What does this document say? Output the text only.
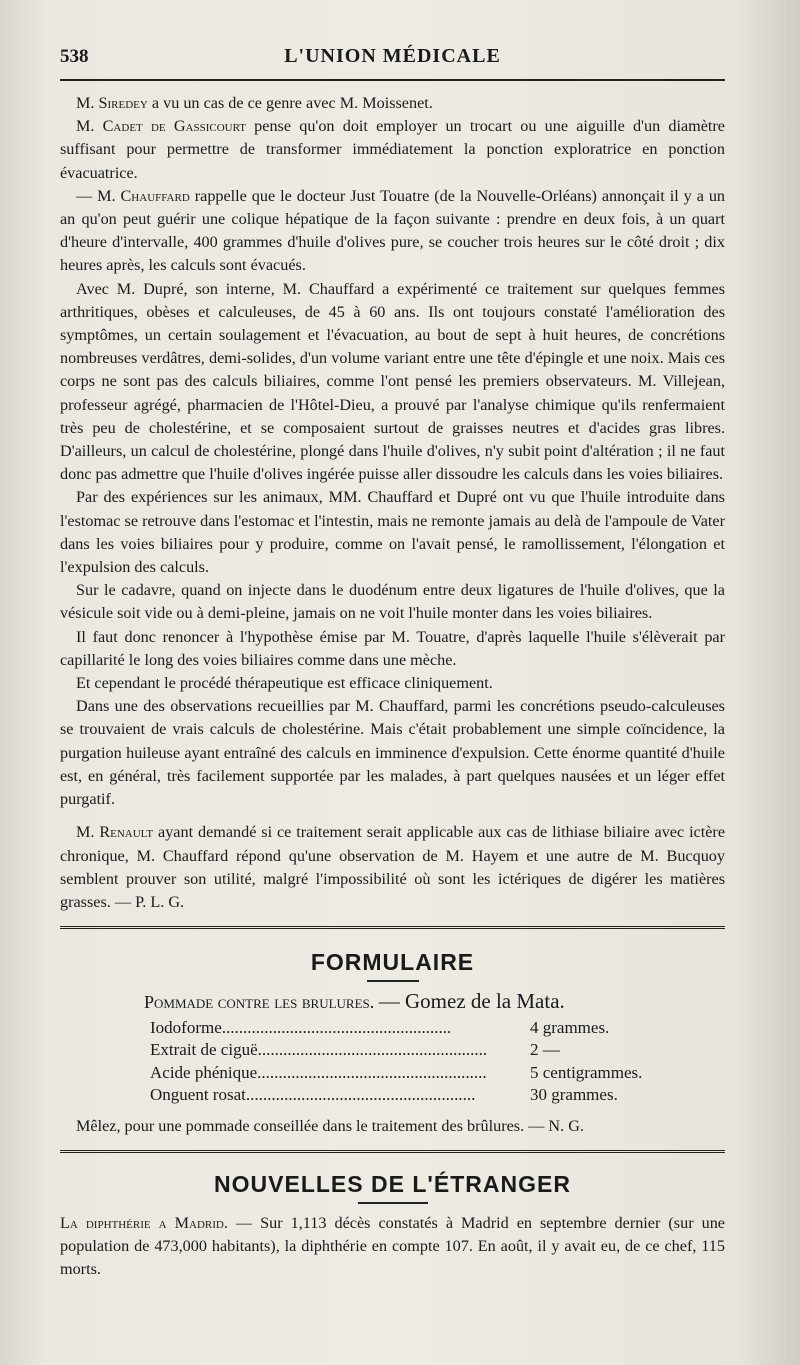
538	L'UNION MÉDICALE

M. Siredey a vu un cas de ce genre avec M. Moissenet.

M. Cadet de Gassicourt pense qu'on doit employer un trocart ou une aiguille d'un diamètre suffisant pour permettre de transformer immédiatement la ponction exploratrice en ponction évacuatrice.

— M. Chauffard rappelle que le docteur Just Touatre (de la Nouvelle-Orléans) annonçait il y a un an qu'on peut guérir une colique hépatique de la façon suivante : prendre en deux fois, à un quart d'heure d'intervalle, 400 grammes d'huile d'olives pure, se coucher trois heures sur le côté droit ; dix heures après, les calculs sont évacués.

Avec M. Dupré, son interne, M. Chauffard a expérimenté ce traitement sur quelques femmes arthritiques, obèses et calculeuses, de 45 à 60 ans. Ils ont toujours constaté l'amélioration des symptômes, un certain soulagement et l'évacuation, au bout de sept à huit heures, de concrétions nombreuses verdâtres, demi-solides, d'un volume variant entre une tête d'épingle et une noix. Mais ces corps ne sont pas des calculs biliaires, comme l'ont pensé les premiers observateurs. M. Villejean, professeur agrégé, pharmacien de l'Hôtel-Dieu, a prouvé par l'analyse chimique qu'ils renfermaient très peu de cholestérine, et se composaient surtout de graisses neutres et d'acides gras libres. D'ailleurs, un calcul de cholestérine, plongé dans l'huile d'olives, n'y subit point d'altération ; il ne faut donc pas admettre que l'huile d'olives ingérée puisse aller dissoudre les calculs dans les voies biliaires.

Par des expériences sur les animaux, MM. Chauffard et Dupré ont vu que l'huile introduite dans l'estomac se retrouve dans l'estomac et l'intestin, mais ne remonte jamais au delà de l'ampoule de Vater dans les voies biliaires pour y produire, comme on l'avait pensé, le ramollissement, l'élongation et l'expulsion des calculs.

Sur le cadavre, quand on injecte dans le duodénum entre deux ligatures de l'huile d'olives, que la vésicule soit vide ou à demi-pleine, jamais on ne voit l'huile monter dans les voies biliaires.

Il faut donc renoncer à l'hypothèse émise par M. Touatre, d'après laquelle l'huile s'élèverait par capillarité le long des voies biliaires comme dans une mèche.

Et cependant le procédé thérapeutique est efficace cliniquement.

Dans une des observations recueillies par M. Chauffard, parmi les concrétions pseudo-calculeuses se trouvaient de vrais calculs de cholestérine. Mais c'était probablement une simple coïncidence, la purgation huileuse ayant entraîné des calculs en imminence d'expulsion. Cette énorme quantité d'huile est, en général, très facilement supportée par les malades, à part quelques nausées et un léger effet purgatif.

M. Renault ayant demandé si ce traitement serait applicable aux cas de lithiase biliaire avec ictère chronique, M. Chauffard répond qu'une observation de M. Hayem et une autre de M. Bucquoy semblent prouver son utilité, malgré l'impossibilité où sont les ictériques de digérer les matières grasses. — P. L. G.

FORMULAIRE
Pommade contre les brulures. — Gomez de la Mata.
Iodoforme......................................................	4 grammes.
Extrait de ciguë......................................................	2 —
Acide phénique......................................................	5 centigrammes.
Onguent rosat......................................................	30 grammes.

Mêlez, pour une pommade conseillée dans le traitement des brûlures. — N. G.

NOUVELLES DE L'ÉTRANGER

La diphthérie a Madrid. — Sur 1,113 décès constatés à Madrid en septembre dernier (sur une population de 473,000 habitants), la diphthérie en compte 107. En août, il y avait eu, de ce chef, 115 morts.
